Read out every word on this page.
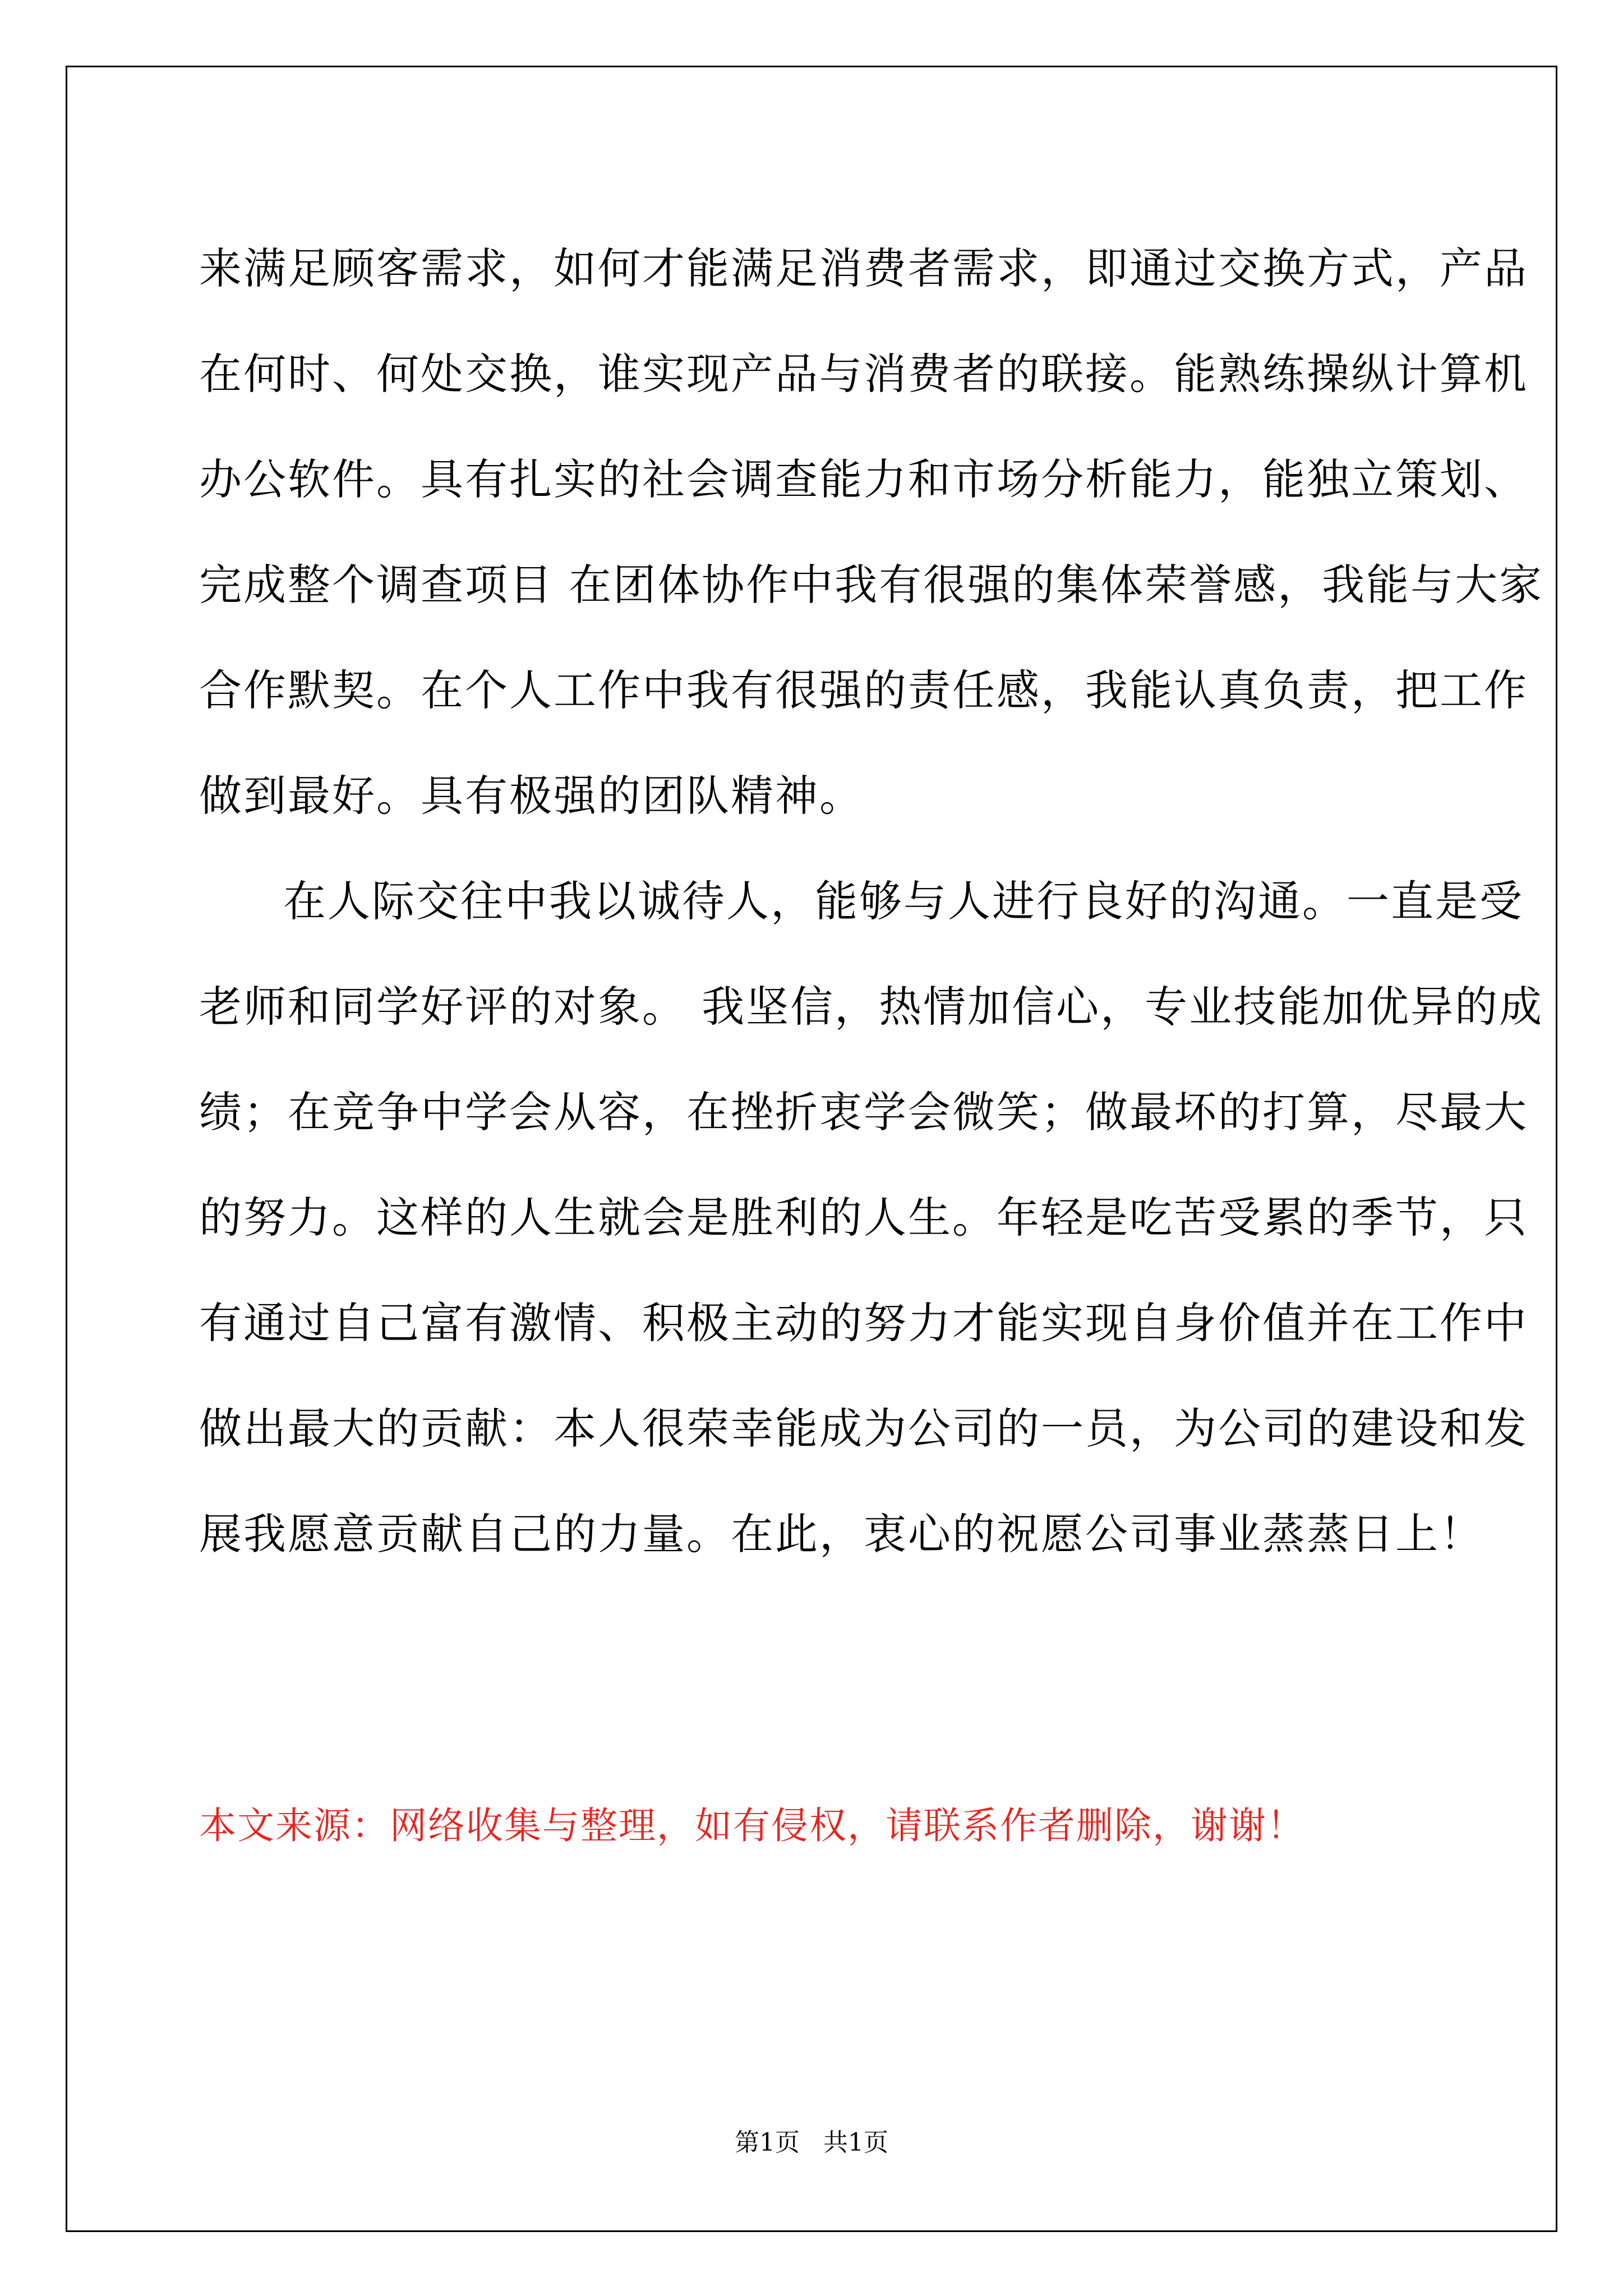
来满足顾客需求，如何才能满足消费者需求，即通过交换方式，产品
在何时、何处交换，谁实现产品与消费者的联接。能熟练操纵计算机
办公软件。具有扎实的社会调查能力和市场分析能力，能独立策划、
完成整个调查项目 在团体协作中我有很强的集体荣誉感，我能与大家
合作默契。在个人工作中我有很强的责任感，我能认真负责，把工作
做到最好。具有极强的团队精神。
在人际交往中我以诚待人，能够与人进行良好的沟通。一直是受
老师和同学好评的对象。 我坚信，热情加信心，专业技能加优异的成
绩；在竞争中学会从容，在挫折衷学会微笑；做最坏的打算，尽最大
的努力。这样的人生就会是胜利的人生。年轻是吃苦受累的季节，只
有通过自己富有激情、积极主动的努力才能实现自身价值并在工作中
做出最大的贡献：本人很荣幸能成为公司的一员，为公司的建设和发
展我愿意贡献自己的力量。在此，衷心的祝愿公司事业蒸蒸日上！
本文来源：网络收集与整理，如有侵权，请联系作者删除，谢谢！
第1页   共1页
